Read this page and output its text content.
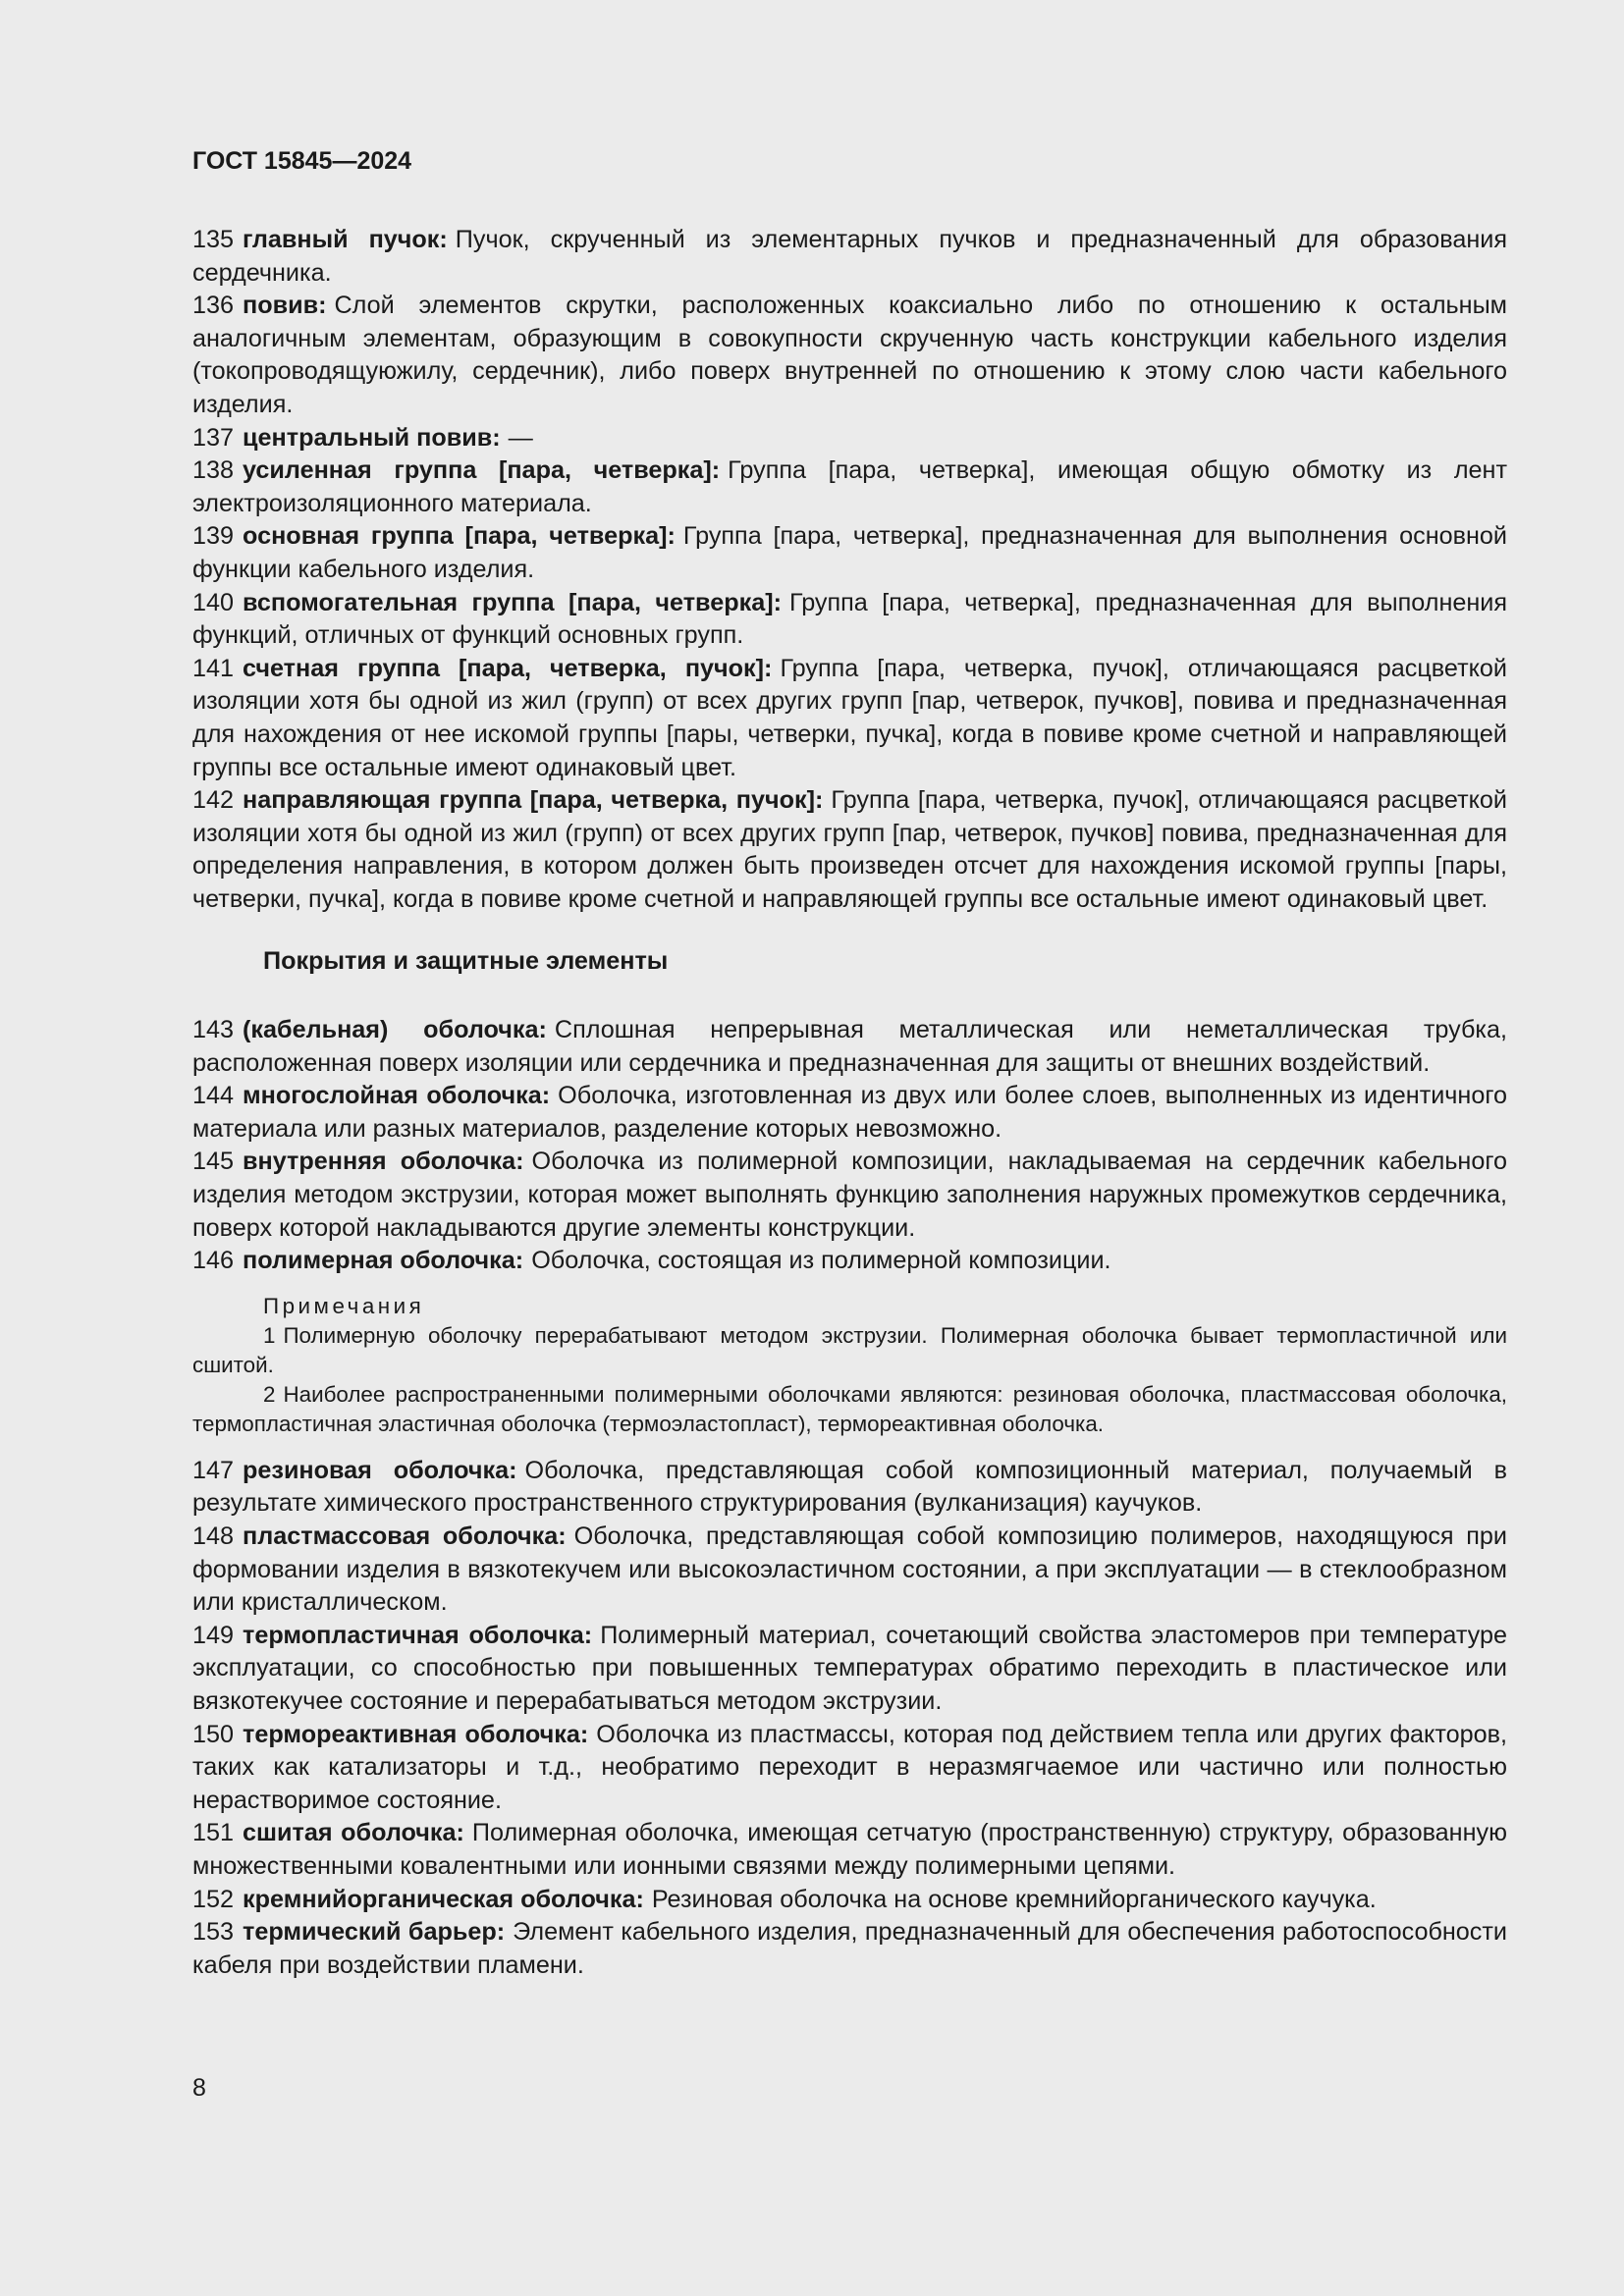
ГОСТ 15845—2024

135 главный пучок: Пучок, скрученный из элементарных пучков и предназначенный для образования сердечника.

136 повив: Слой элементов скрутки, расположенных коаксиально либо по отношению к остальным аналогичным элементам, образующим в совокупности скрученную часть конструкции кабельного изделия (токопроводящуюжилу, сердечник), либо поверх внутренней по отношению к этому слою части кабельного изделия.

137 центральный повив: —

138 усиленная группа [пара, четверка]: Группа [пара, четверка], имеющая общую обмотку из лент электроизоляционного материала.

139 основная группа [пара, четверка]: Группа [пара, четверка], предназначенная для выполнения основной функции кабельного изделия.

140 вспомогательная группа [пара, четверка]: Группа [пара, четверка], предназначенная для выполнения функций, отличных от функций основных групп.

141 счетная группа [пара, четверка, пучок]: Группа [пара, четверка, пучок], отличающаяся расцветкой изоляции хотя бы одной из жил (групп) от всех других групп [пар, четверок, пучков], повива и предназначенная для нахождения от нее искомой группы [пары, четверки, пучка], когда в повиве кроме счетной и направляющей группы все остальные имеют одинаковый цвет.

142 направляющая группа [пара, четверка, пучок]: Группа [пара, четверка, пучок], отличающаяся расцветкой изоляции хотя бы одной из жил (групп) от всех других групп [пар, четверок, пучков] повива, предназначенная для определения направления, в котором должен быть произведен отсчет для нахождения искомой группы [пары, четверки, пучка], когда в повиве кроме счетной и направляющей группы все остальные имеют одинаковый цвет.

Покрытия и защитные элементы

143 (кабельная) оболочка: Сплошная непрерывная металлическая или неметаллическая трубка, расположенная поверх изоляции или сердечника и предназначенная для защиты от внешних воздействий.

144 многослойная оболочка: Оболочка, изготовленная из двух или более слоев, выполненных из идентичного материала или разных материалов, разделение которых невозможно.

145 внутренняя оболочка: Оболочка из полимерной композиции, накладываемая на сердечник кабельного изделия методом экструзии, которая может выполнять функцию заполнения наружных промежутков сердечника, поверх которой накладываются другие элементы конструкции.

146 полимерная оболочка: Оболочка, состоящая из полимерной композиции.

Примечания

1 Полимерную оболочку перерабатывают методом экструзии. Полимерная оболочка бывает термопластичной или сшитой.

2 Наиболее распространенными полимерными оболочками являются: резиновая оболочка, пластмассовая оболочка, термопластичная эластичная оболочка (термоэластопласт), термореактивная оболочка.

147 резиновая оболочка: Оболочка, представляющая собой композиционный материал, получаемый в результате химического пространственного структурирования (вулканизация) каучуков.

148 пластмассовая оболочка: Оболочка, представляющая собой композицию полимеров, находящуюся при формовании изделия в вязкотекучем или высокоэластичном состоянии, а при эксплуатации — в стеклообразном или кристаллическом.

149 термопластичная оболочка: Полимерный материал, сочетающий свойства эластомеров при температуре эксплуатации, со способностью при повышенных температурах обратимо переходить в пластическое или вязкотекучее состояние и перерабатываться методом экструзии.

150 термореактивная оболочка: Оболочка из пластмассы, которая под действием тепла или других факторов, таких как катализаторы и т.д., необратимо переходит в неразмягчаемое или частично или полностью нерастворимое состояние.

151 сшитая оболочка: Полимерная оболочка, имеющая сетчатую (пространственную) структуру, образованную множественными ковалентными или ионными связями между полимерными цепями.

152 кремнийорганическая оболочка: Резиновая оболочка на основе кремнийорганического каучука.

153 термический барьер: Элемент кабельного изделия, предназначенный для обеспечения работоспособности кабеля при воздействии пламени.

8
